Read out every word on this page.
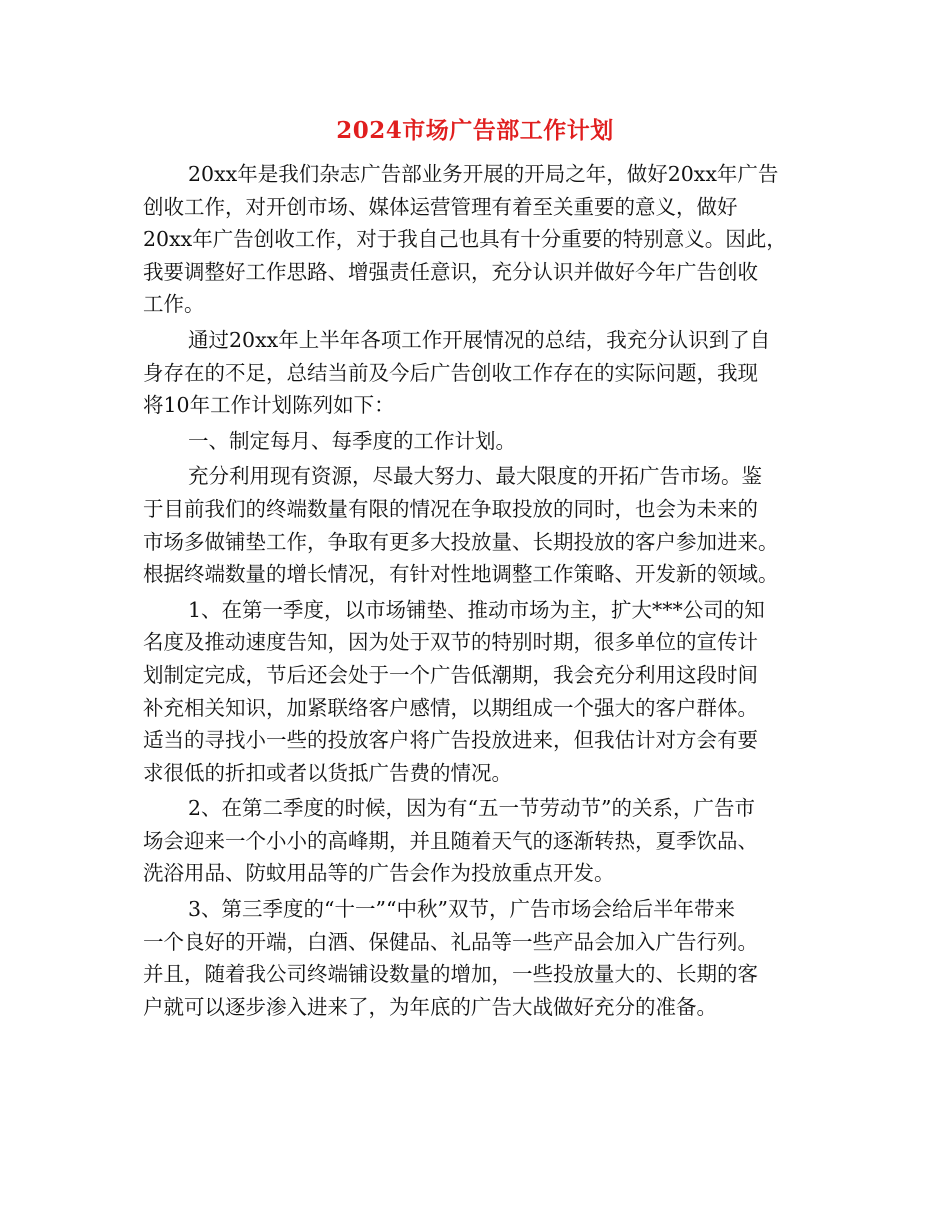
2024市场广告部工作计划
20xx年是我们杂志广告部业务开展的开局之年，做好20xx年广告
创收工作，对开创市场、媒体运营管理有着至关重要的意义，做好
20xx年广告创收工作，对于我自己也具有十分重要的特别意义。因此，
我要调整好工作思路、增强责任意识，充分认识并做好今年广告创收
工作。
通过20xx年上半年各项工作开展情况的总结，我充分认识到了自
身存在的不足，总结当前及今后广告创收工作存在的实际问题，我现
将10年工作计划陈列如下：
一、制定每月、每季度的工作计划。
充分利用现有资源，尽最大努力、最大限度的开拓广告市场。鉴
于目前我们的终端数量有限的情况在争取投放的同时，也会为未来的
市场多做铺垫工作，争取有更多大投放量、长期投放的客户参加进来。
根据终端数量的增长情况，有针对性地调整工作策略、开发新的领域。
1、在第一季度，以市场铺垫、推动市场为主，扩大***公司的知
名度及推动速度告知，因为处于双节的特别时期，很多单位的宣传计
划制定完成，节后还会处于一个广告低潮期，我会充分利用这段时间
补充相关知识，加紧联络客户感情，以期组成一个强大的客户群体。
适当的寻找小一些的投放客户将广告投放进来，但我估计对方会有要
求很低的折扣或者以货抵广告费的情况。
2、在第二季度的时候，因为有“五一节劳动节”的关系，广告市
场会迎来一个小小的高峰期，并且随着天气的逐渐转热，夏季饮品、
洗浴用品、防蚊用品等的广告会作为投放重点开发。
3、第三季度的“十一”“中秋”双节，广告市场会给后半年带来
一个良好的开端，白酒、保健品、礼品等一些产品会加入广告行列。
并且，随着我公司终端铺设数量的增加，一些投放量大的、长期的客
户就可以逐步渗入进来了，为年底的广告大战做好充分的准备。
